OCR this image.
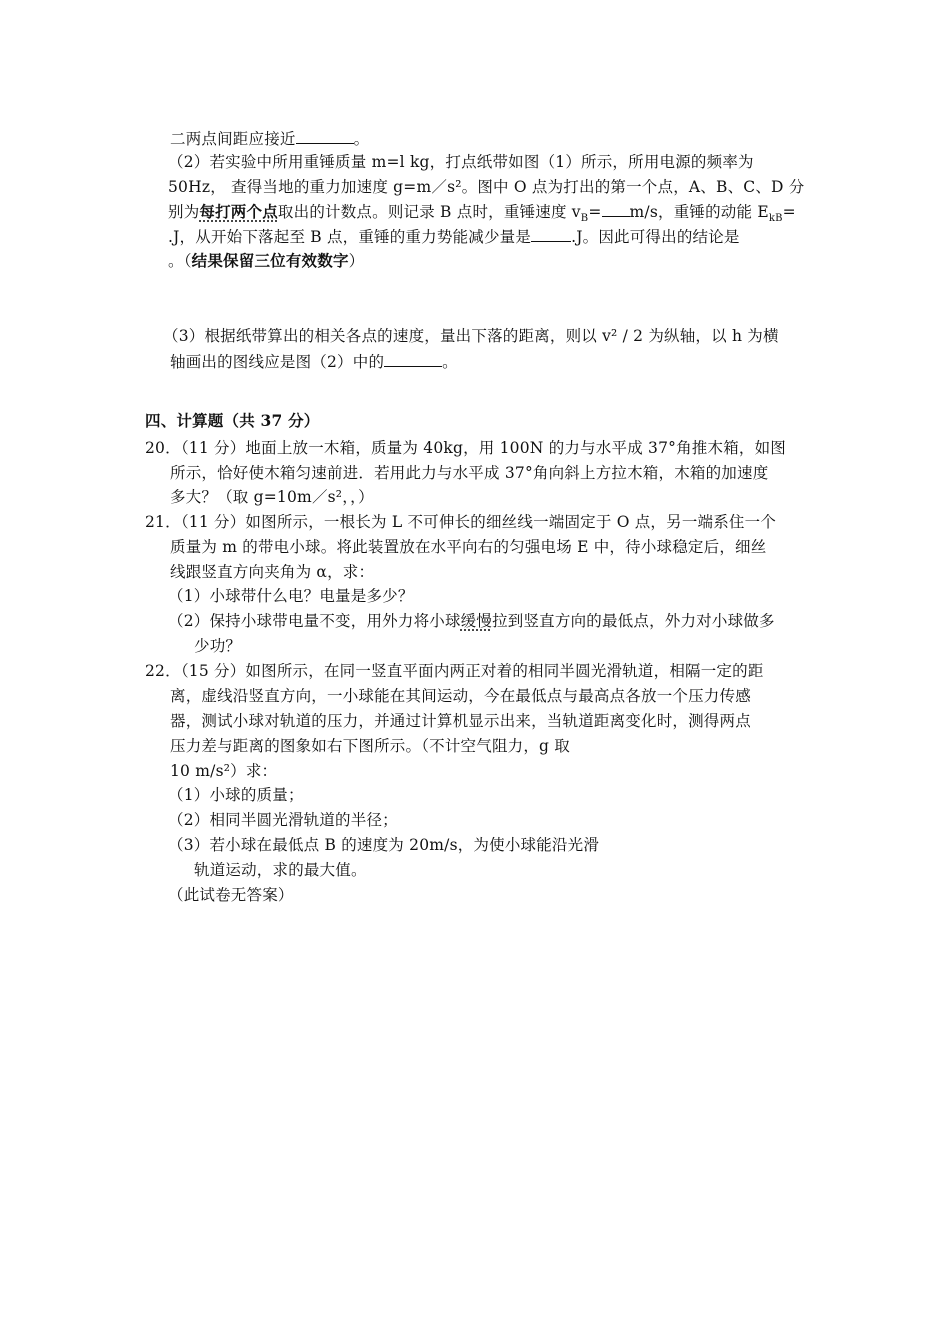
二两点间距应接近	。
（2）若实验中所用重锤质量 m=l kg，打点纸带如图（1）所示，所用电源的频率为
50Hz， 查得当地的重力加速度 g=m／s²。图中 O 点为打出的第一个点，A、B、C、D 分
别为每打两个点取出的计数点。则记录 B 点时，重锤速度 $v_B= m/s$，重锤的动能 $E_{kB}=$
.J，从开始下落起至 B 点，重锤的重力势能减少量是	.J。因此可得出的结论是
。（结果保留三位有效数字）
（3）根据纸带算出的相关各点的速度，量出下落的距离，则以 v² / 2 为纵轴，以 h 为横
轴画出的图线应是图（2）中的	。
四、计算题（共 37 分）
20．（11 分）地面上放一木箱，质量为 40kg，用 100N 的力与水平成 37°角推木箱，如图
所示，恰好使木箱匀速前进．若用此力与水平成 37°角向斜上方拉木箱，木箱的加速度
多大？（取 g=10m／s²，，）
21．（11 分）如图所示，一根长为 L 不可伸长的细丝线一端固定于 O 点，另一端系住一个
质量为 m 的带电小球。将此装置放在水平向右的匀强电场 E 中，待小球稳定后，细丝
线跟竖直方向夹角为 α，求：
（1）小球带什么电？电量是多少？
（2）保持小球带电量不变，用外力将小球缓慢拉到竖直方向的最低点，外力对小球做多
少功？
22．（15 分）如图所示，在同一竖直平面内两正对着的相同半圆光滑轨道，相隔一定的距
离，虚线沿竖直方向，一小球能在其间运动，今在最低点与最高点各放一个压力传感
器，测试小球对轨道的压力，并通过计算机显示出来，当轨道距离变化时，测得两点
压力差与距离的图象如右下图所示。（不计空气阻力，g 取
10 m/s²）求：
（1）小球的质量；
（2）相同半圆光滑轨道的半径；
（3）若小球在最低点 B 的速度为 20m/s，为使小球能沿光滑
轨道运动，求的最大值。
（此试卷无答案）
